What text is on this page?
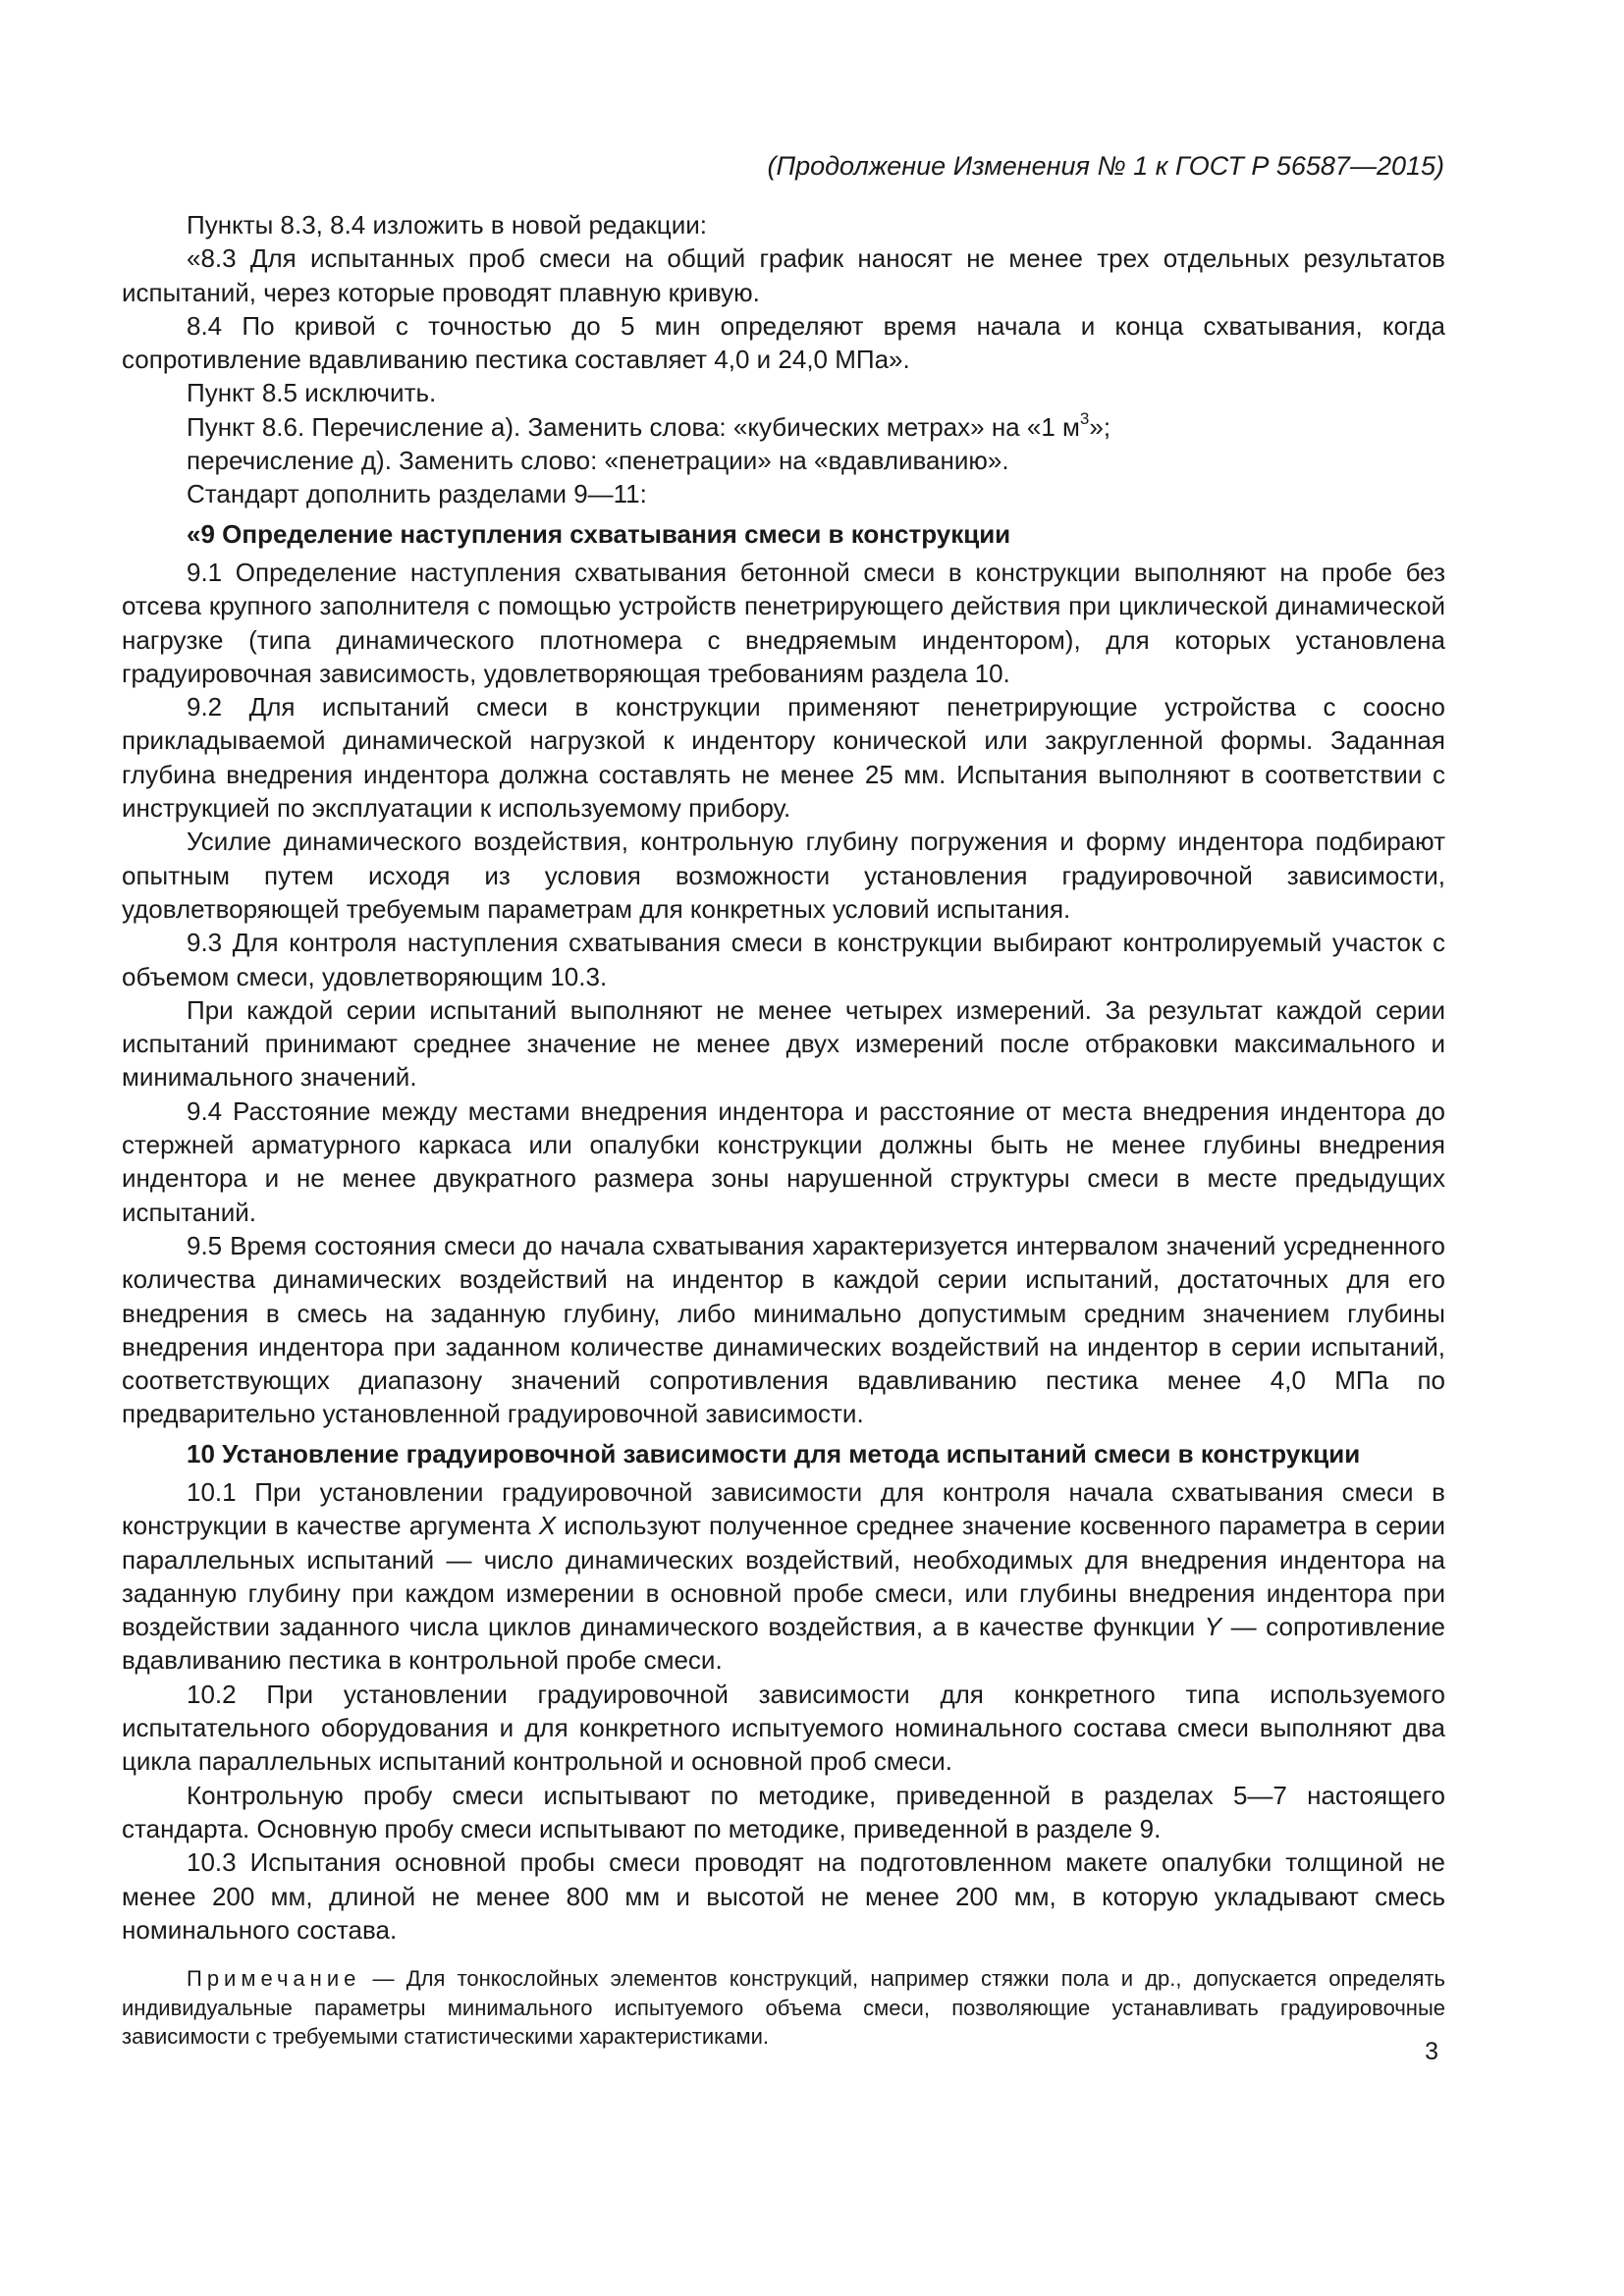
(Продолжение Изменения № 1 к ГОСТ Р 56587—2015)

Пункты 8.3, 8.4 изложить в новой редакции:

«8.3 Для испытанных проб смеси на общий график наносят не менее трех отдельных результатов испытаний, через которые проводят плавную кривую.

8.4 По кривой с точностью до 5 мин определяют время начала и конца схватывания, когда сопротивление вдавливанию пестика составляет 4,0 и 24,0 МПа».

Пункт 8.5 исключить.

Пункт 8.6. Перечисление а). Заменить слова: «кубических метрах» на «1 $м^3$»;

перечисление д). Заменить слово: «пенетрации» на «вдавливанию».

Стандарт дополнить разделами 9—11:

«9 Определение наступления схватывания смеси в конструкции

9.1 Определение наступления схватывания бетонной смеси в конструкции выполняют на пробе без отсева крупного заполнителя с помощью устройств пенетрирующего действия при циклической динамической нагрузке (типа динамического плотномера с внедряемым индентором), для которых установлена градуировочная зависимость, удовлетворяющая требованиям раздела 10.

9.2 Для испытаний смеси в конструкции применяют пенетрирующие устройства с соосно прикладываемой динамической нагрузкой к индентору конической или закругленной формы. Заданная глубина внедрения индентора должна составлять не менее 25 мм. Испытания выполняют в соответствии с инструкцией по эксплуатации к используемому прибору.

Усилие динамического воздействия, контрольную глубину погружения и форму индентора подбирают опытным путем исходя из условия возможности установления градуировочной зависимости, удовлетворяющей требуемым параметрам для конкретных условий испытания.

9.3 Для контроля наступления схватывания смеси в конструкции выбирают контролируемый участок с объемом смеси, удовлетворяющим 10.3.

При каждой серии испытаний выполняют не менее четырех измерений. За результат каждой серии испытаний принимают среднее значение не менее двух измерений после отбраковки максимального и минимального значений.

9.4 Расстояние между местами внедрения индентора и расстояние от места внедрения индентора до стержней арматурного каркаса или опалубки конструкции должны быть не менее глубины внедрения индентора и не менее двукратного размера зоны нарушенной структуры смеси в месте предыдущих испытаний.

9.5 Время состояния смеси до начала схватывания характеризуется интервалом значений усредненного количества динамических воздействий на индентор в каждой серии испытаний, достаточных для его внедрения в смесь на заданную глубину, либо минимально допустимым средним значением глубины внедрения индентора при заданном количестве динамических воздействий на индентор в серии испытаний, соответствующих диапазону значений сопротивления вдавливанию пестика менее 4,0 МПа по предварительно установленной градуировочной зависимости.

10 Установление градуировочной зависимости для метода испытаний смеси в конструкции

10.1 При установлении градуировочной зависимости для контроля начала схватывания смеси в конструкции в качестве аргумента X используют полученное среднее значение косвенного параметра в серии параллельных испытаний — число динамических воздействий, необходимых для внедрения индентора на заданную глубину при каждом измерении в основной пробе смеси, или глубины внедрения индентора при воздействии заданного числа циклов динамического воздействия, а в качестве функции Y — сопротивление вдавливанию пестика в контрольной пробе смеси.

10.2 При установлении градуировочной зависимости для конкретного типа используемого испытательного оборудования и для конкретного испытуемого номинального состава смеси выполняют два цикла параллельных испытаний контрольной и основной проб смеси.

Контрольную пробу смеси испытывают по методике, приведенной в разделах 5—7 настоящего стандарта. Основную пробу смеси испытывают по методике, приведенной в разделе 9.

10.3 Испытания основной пробы смеси проводят на подготовленном макете опалубки толщиной не менее 200 мм, длиной не менее 800 мм и высотой не менее 200 мм, в которую укладывают смесь номинального состава.

Примечание — Для тонкослойных элементов конструкций, например стяжки пола и др., допускается определять индивидуальные параметры минимального испытуемого объема смеси, позволяющие устанавливать градуировочные зависимости с требуемыми статистическими характеристиками.

3
